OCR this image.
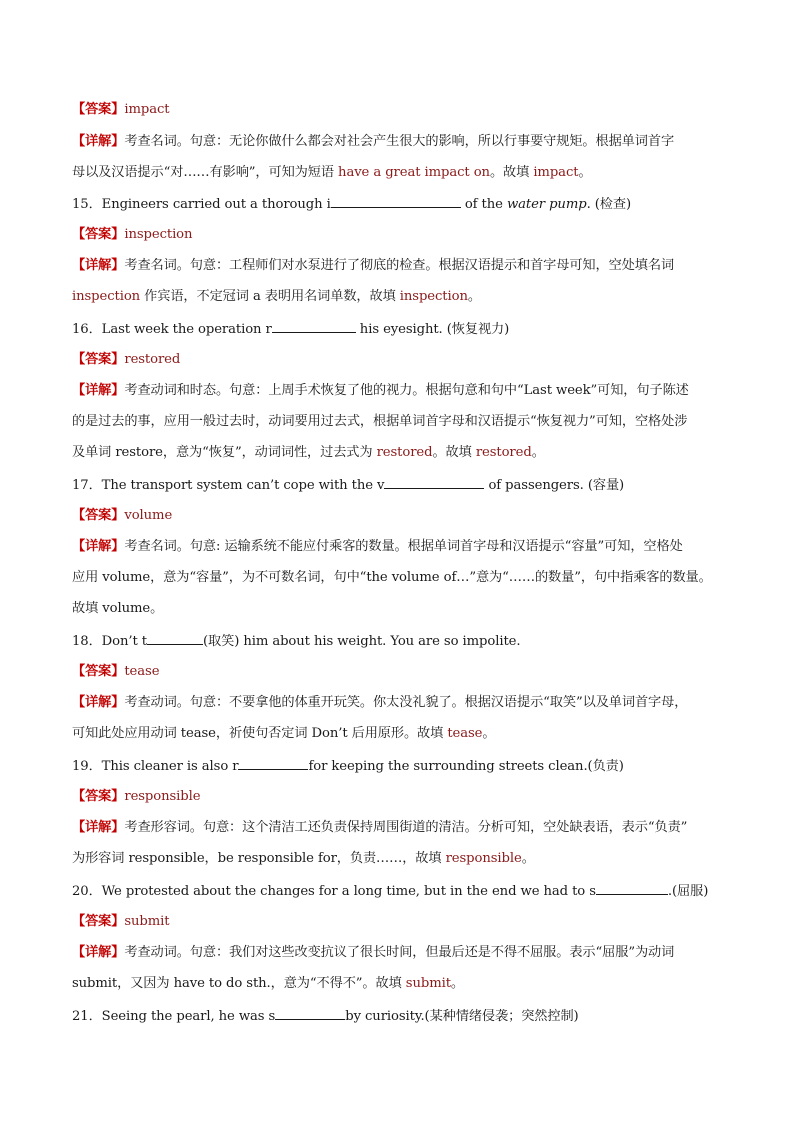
【答案】impact
【详解】考查名词。句意：无论你做什么都会对社会产生很大的影响，所以行事要守规矩。根据单词首字
母以及汉语提示“对……有影响”，可知为短语 have a great impact on。故填 impact。
15．Engineers carried out a thorough i	of the water pump. (检查)
【答案】inspection
【详解】考查名词。句意：工程师们对水泵进行了彻底的检查。根据汉语提示和首字母可知，空处填名词
inspection 作宾语，不定冠词 a 表明用名词单数，故填 inspection。
16．Last week the operation r	his eyesight. (恢复视力)
【答案】restored
【详解】考查动词和时态。句意：上周手术恢复了他的视力。根据句意和句中“Last week”可知，句子陈述
的是过去的事，应用一般过去时，动词要用过去式，根据单词首字母和汉语提示“恢复视力”可知，空格处涉
及单词 restore，意为“恢复”，动词词性，过去式为 restored。故填 restored。
17．The transport system can’t cope with the v	of passengers. (容量)
【答案】volume
【详解】考查名词。句意: 运输系统不能应付乘客的数量。根据单词首字母和汉语提示“容量”可知，空格处
应用 volume，意为“容量”，为不可数名词，句中“the volume of…”意为“……的数量”，句中指乘客的数量。
故填 volume。
18．Don’t t	(取笑) him about his weight. You are so impolite.
【答案】tease
【详解】考查动词。句意：不要拿他的体重开玩笑。你太没礼貌了。根据汉语提示“取笑”以及单词首字母，
可知此处应用动词 tease，祈使句否定词 Don’t 后用原形。故填 tease。
19．This cleaner is also r	for keeping the surrounding streets clean.(负责)
【答案】responsible
【详解】考查形容词。句意：这个清洁工还负责保持周围街道的清洁。分析可知，空处缺表语，表示“负责”
为形容词 responsible，be responsible for，负责……，故填 responsible。
20．We protested about the changes for a long time, but in the end we had to s	.(屈服)
【答案】submit
【详解】考查动词。句意：我们对这些改变抗议了很长时间，但最后还是不得不屈服。表示“屈服”为动词
submit，又因为 have to do sth.，意为“不得不”。故填 submit。
21．Seeing the pearl, he was s	by curiosity.(某种情绪侵袭；突然控制)
